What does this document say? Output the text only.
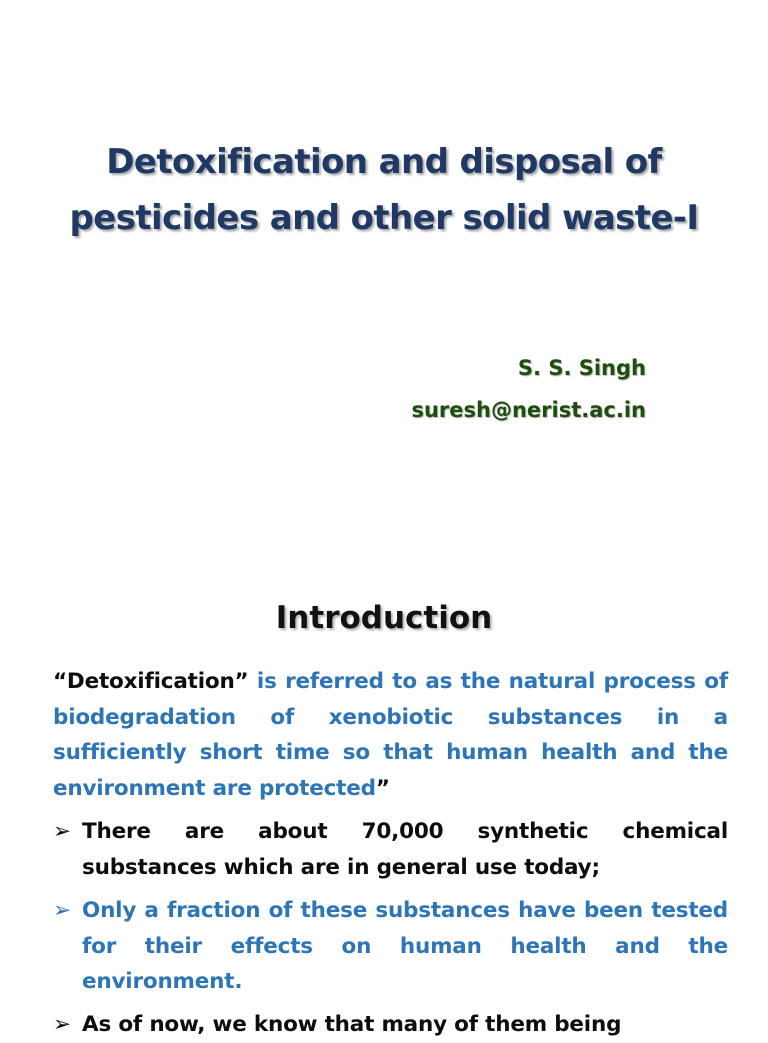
Detoxification and disposal of
pesticides and other solid waste-I
S. S. Singh
suresh@nerist.ac.in
Introduction
“Detoxification” is referred to as the natural process of biodegradation of xenobiotic substances in a sufficiently short time so that human health and the environment are protected”
➢ There are about 70,000 synthetic chemical substances which are in general use today;
➢ Only a fraction of these substances have been tested for their effects on human health and the environment.
➢ As of now, we know that many of them being
